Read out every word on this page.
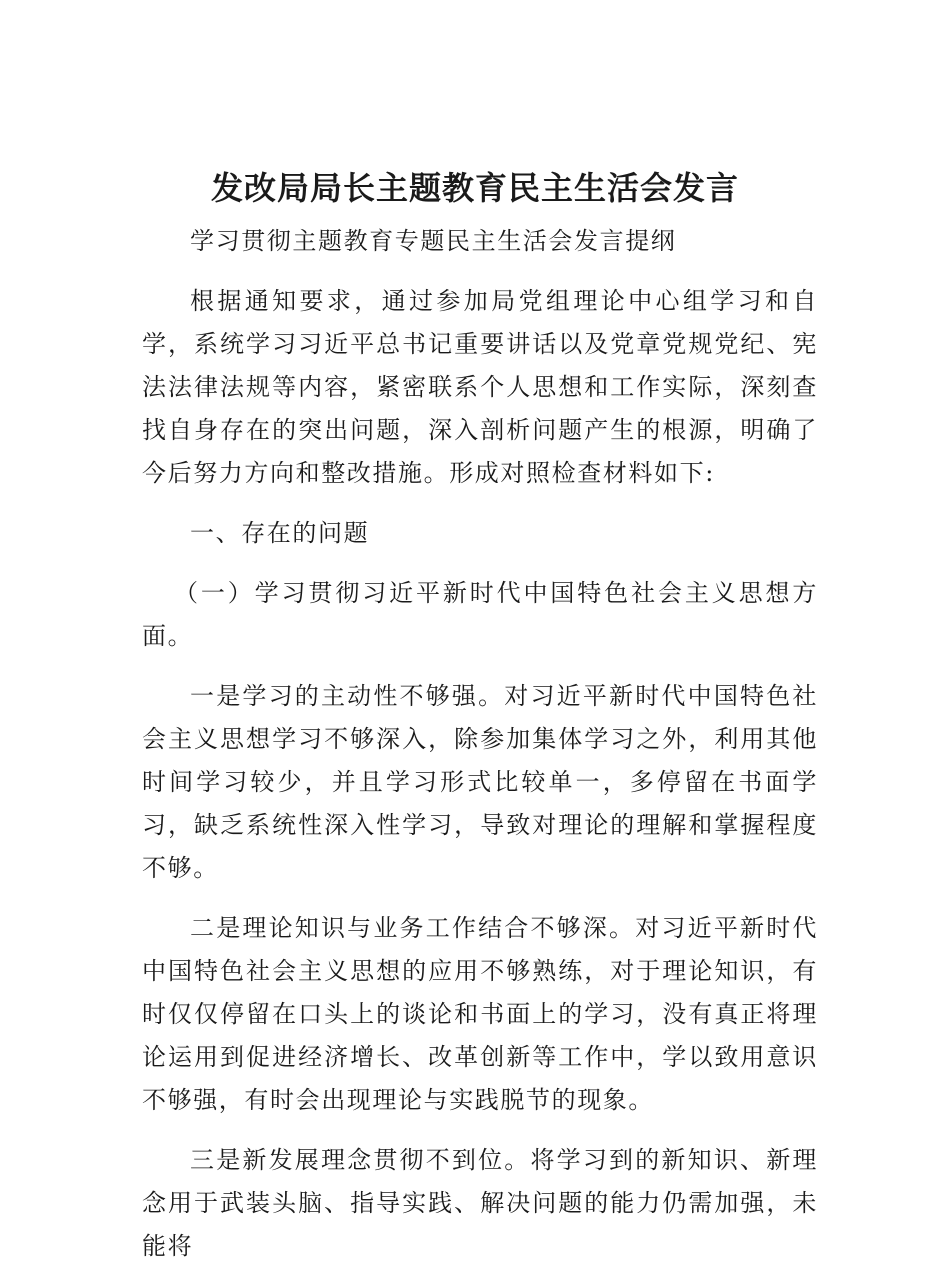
发改局局长主题教育民主生活会发言

学习贯彻主题教育专题民主生活会发言提纲

根据通知要求，通过参加局党组理论中心组学习和自学，系统学习习近平总书记重要讲话以及党章党规党纪、宪法法律法规等内容，紧密联系个人思想和工作实际，深刻查找自身存在的突出问题，深入剖析问题产生的根源，明确了今后努力方向和整改措施。形成对照检查材料如下:

一、存在的问题

（一）学习贯彻习近平新时代中国特色社会主义思想方面。

一是学习的主动性不够强。对习近平新时代中国特色社会主义思想学习不够深入，除参加集体学习之外，利用其他时间学习较少，并且学习形式比较单一，多停留在书面学习，缺乏系统性深入性学习，导致对理论的理解和掌握程度不够。

二是理论知识与业务工作结合不够深。对习近平新时代中国特色社会主义思想的应用不够熟练，对于理论知识，有时仅仅停留在口头上的谈论和书面上的学习，没有真正将理论运用到促进经济增长、改革创新等工作中，学以致用意识不够强，有时会出现理论与实践脱节的现象。

三是新发展理念贯彻不到位。将学习到的新知识、新理念用于武装头脑、指导实践、解决问题的能力仍需加强，未能将
